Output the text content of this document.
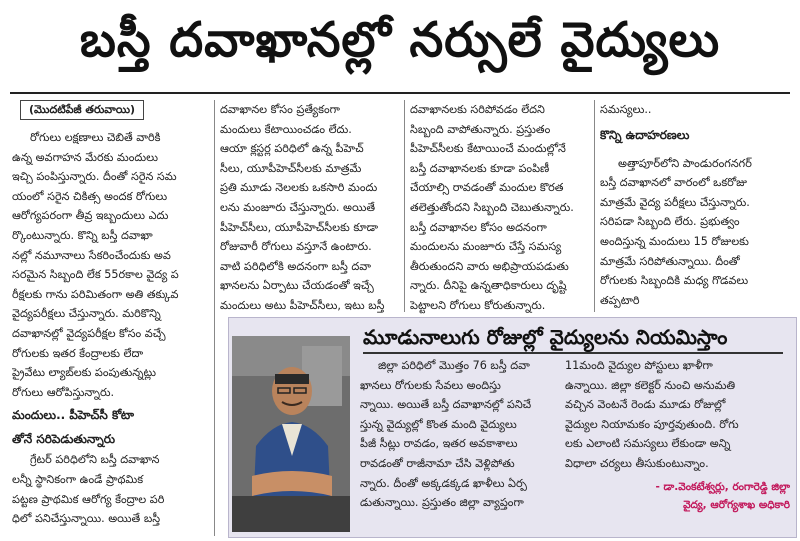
బస్తీ దవాఖానల్లో నర్సులే వైద్యులు
(మొదటిపేజీ తరువాయి)
రోగులు లక్షణాలు చెబితే వారికి
ఉన్న అవగాహన మేరకు మందులు
ఇచ్చి పంపిస్తున్నారు. దీంతో సరైన సమ
యంలో సరైన చికిత్స అందక రోగులు
ఆరోగ్యపరంగా తీవ్ర ఇబ్బందులు ఎదు
ర్కొంటున్నారు. కొన్ని బస్తీ దవాఖా
నల్లో నమూనాలు సేకరించేందుకు అవ
సరమైన సిబ్బంది లేక 55రకాల వైద్య ప
రీక్షలకు గాను పరిమితంగా అతి తక్కువ
వైద్యపరీక్షలు చేస్తున్నారు. మరికొన్ని
దవాఖానల్లో వైద్యపరీక్షల కోసం వచ్చే
రోగులకు ఇతర కేంద్రాలకు లేదా
ప్రైవేటు ల్యాబ్‌లకు పంపుతున్నట్లు
రోగులు ఆరోపిస్తున్నారు.
మందులు.. పీహెచ్‌సీ కోటా
తోనే సరిపెడుతున్నారు
గ్రేటర్ పరిధిలోని బస్తీ దవాఖాన
లన్నీ స్థానికంగా ఉండే ప్రాథమిక
పట్టణ ప్రాథమిక ఆరోగ్య కేంద్రాల పరి
ధిలో పనిచేస్తున్నాయి. అయితే బస్తీ
దవాఖానల కోసం ప్రత్యేకంగా
మందులు కేటాయించడం లేదు.
ఆయా క్లస్టర్ల పరిధిలో ఉన్న పీహెచ్
సీలు, యూపీహెచ్‌సీలకు మాత్రమే
ప్రతి మూడు నెలలకు ఒకసారి మందు
లను మంజూరు చేస్తున్నారు. అయితే
పీహెచ్‌సీలు, యూపీహెచ్‌సీలకు కూడా
రోజువారీ రోగులు వస్తూనే ఉంటారు.
వాటి పరిధిలోకి అదనంగా బస్తీ దవా
ఖానలను ఏర్పాటు చేయడంతో ఇచ్చే
మందులు అటు పీహెచ్‌సీలు, ఇటు బస్తీ
దవాఖానలకు సరిపోవడం లేదని
సిబ్బంది వాపోతున్నారు. ప్రస్తుతం
పీహెచ్‌సీలకు కేటాయించే మందుల్లోనే
బస్తీ దవాఖానలకు కూడా పంపిణీ
చేయాల్సి రావడంతో మందుల కొరత
తలెత్తుతోందని సిబ్బంది చెబుతున్నారు.
బస్తీ దవాఖానల కోసం అదనంగా
మందులను మంజూరు చేస్తే సమస్య
తీరుతుందని వారు అభిప్రాయపడుతు
న్నారు. దీనిపై ఉన్నతాధికారులు దృష్టి
పెట్టాలని రోగులు కోరుతున్నారు.
సమస్యలు..
కొన్ని ఉదాహరణలు
అత్తాపూర్‌లోని పాండురంగనగర్
బస్తీ దవాఖానలో వారంలో ఒకరోజు
మాత్రమే వైద్య పరీక్షలు చేస్తున్నారు.
సరిపడా సిబ్బంది లేరు. ప్రభుత్వం
అందిస్తున్న మందులు 15 రోజులకు
మాత్రమే సరిపోతున్నాయి. దీంతో
రోగులకు సిబ్బందికి మధ్య గొడవలు
తప్పటారి
మూడునాలుగు రోజుల్లో వైద్యులను నియమిస్తాం
జిల్లా పరిధిలో మొత్తం 76 బస్తీ దవా
ఖానలు రోగులకు సేవలు అందిస్తు
న్నాయి. అయితే బస్తీ దవాఖానల్లో పనిచే
స్తున్న వైద్యుల్లో కొంత మంది వైద్యులు
పీజీ సీట్లు రావడం, ఇతర అవకాశాలు
రావడంతో రాజీనామా చేసి వెళ్లిపోతు
న్నారు. దీంతో అక్కడక్కడ ఖాళీలు ఏర్ప
డుతున్నాయి. ప్రస్తుతం జిల్లా వ్యాప్తంగా
11మంది వైద్యుల పోస్టులు ఖాళీగా
ఉన్నాయి. జిల్లా కలెక్టర్ నుంచి అనుమతి
వచ్చిన వెంటనే రెండు మూడు రోజుల్లో
వైద్యుల నియామకం పూర్తవుతుంది. రోగు
లకు ఎలాంటి సమస్యలు లేకుండా అన్ని
విధాలా చర్యలు తీసుకుంటున్నాం.
- డా.వెంకటేశ్వర్లు, రంగారెడ్డి జిల్లా
వైద్య, ఆరోగ్యశాఖ అధికారి
